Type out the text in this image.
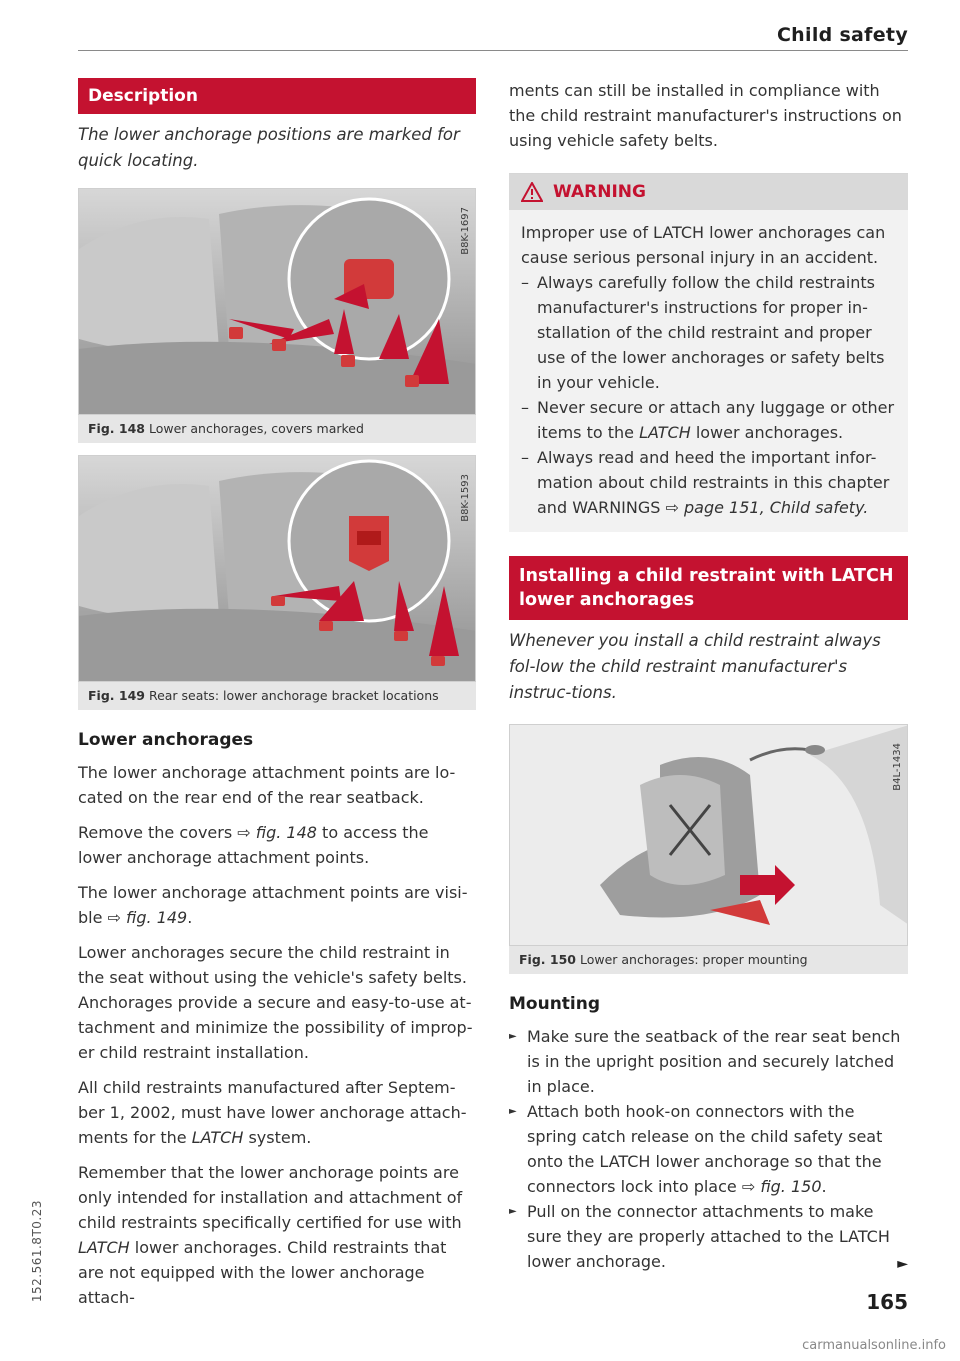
Child safety
Description
The lower anchorage positions are marked for quick locating.
B8K-1697
Fig. 148 Lower anchorages, covers marked
B8K-1593
Fig. 149 Rear seats: lower anchorage bracket locations
Lower anchorages

The lower anchorage attachment points are lo-cated on the rear end of the rear seatback.

Remove the covers ⇨ fig. 148 to access the lower anchorage attachment points.

The lower anchorage attachment points are visi-ble ⇨ fig. 149.

Lower anchorages secure the child restraint in the seat without using the vehicle's safety belts. Anchorages provide a secure and easy-to-use at-tachment and minimize the possibility of improp-er child restraint installation.

All child restraints manufactured after Septem-ber 1, 2002, must have lower anchorage attach-ments for the LATCH system.

Remember that the lower anchorage points are only intended for installation and attachment of child restraints specifically certified for use with LATCH lower anchorages. Child restraints that are not equipped with the lower anchorage attach-

ments can still be installed in compliance with the child restraint manufacturer's instructions on using vehicle safety belts.

WARNING
Improper use of LATCH lower anchorages can cause serious personal injury in an accident.
– Always carefully follow the child restraints manufacturer's instructions for proper in-stallation of the child restraint and proper use of the lower anchorages or safety belts in your vehicle.
– Never secure or attach any luggage or other items to the LATCH lower anchorages.
– Always read and heed the important infor-mation about child restraints in this chapter and WARNINGS ⇨ page 151, Child safety.
Installing a child restraint with LATCH lower anchorages
Whenever you install a child restraint always fol-low the child restraint manufacturer's instruc-tions.
B4L-1434
Fig. 150 Lower anchorages: proper mounting
Mounting
► Make sure the seatback of the rear seat bench is in the upright position and securely latched in place.
► Attach both hook-on connectors with the spring catch release on the child safety seat onto the LATCH lower anchorage so that the connectors lock into place ⇨ fig. 150.
► Pull on the connector attachments to make sure they are properly attached to the LATCH lower anchorage.	►
165
152.561.8T0.23
carmanualsonline.info
